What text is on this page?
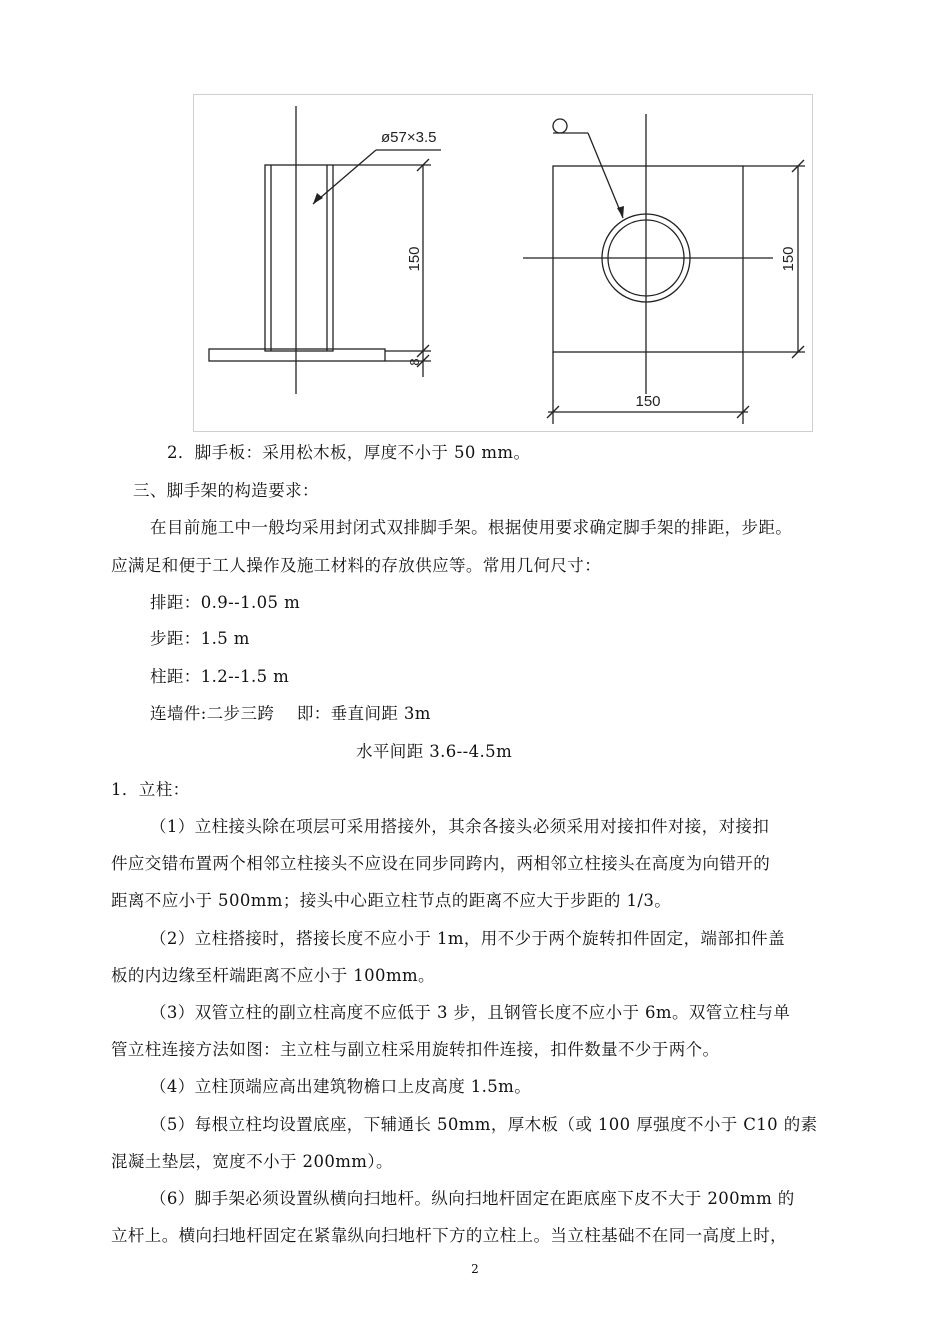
ø57×3.5
150
8
150
150
2．脚手板：采用松木板，厚度不小于 50 mm。
三、脚手架的构造要求：
在目前施工中一般均采用封闭式双排脚手架。根据使用要求确定脚手架的排距，步距。
应满足和便于工人操作及施工材料的存放供应等。常用几何尺寸：
排距：0.9--1.05 m
步距：1.5 m
柱距：1.2--1.5 m
连墙件:二步三跨    即：垂直间距 3m
水平间距 3.6--4.5m
1．立柱：
（1）立柱接头除在项层可采用搭接外，其余各接头必须采用对接扣件对接，对接扣
件应交错布置两个相邻立柱接头不应设在同步同跨内，两相邻立柱接头在高度为向错开的
距离不应小于 500mm；接头中心距立柱节点的距离不应大于步距的 1/3。
（2）立柱搭接时，搭接长度不应小于 1m，用不少于两个旋转扣件固定，端部扣件盖
板的内边缘至杆端距离不应小于 100mm。
（3）双管立柱的副立柱高度不应低于 3 步，且钢管长度不应小于 6m。双管立柱与单
管立柱连接方法如图：主立柱与副立柱采用旋转扣件连接，扣件数量不少于两个。
（4）立柱顶端应高出建筑物檐口上皮高度 1.5m。
（5）每根立柱均设置底座，下辅通长 50mm，厚木板（或 100 厚强度不小于 C10 的素
混凝土垫层，宽度不小于 200mm）。
（6）脚手架必须设置纵横向扫地杆。纵向扫地杆固定在距底座下皮不大于 200mm 的
立杆上。横向扫地杆固定在紧靠纵向扫地杆下方的立柱上。当立柱基础不在同一高度上时，
2
